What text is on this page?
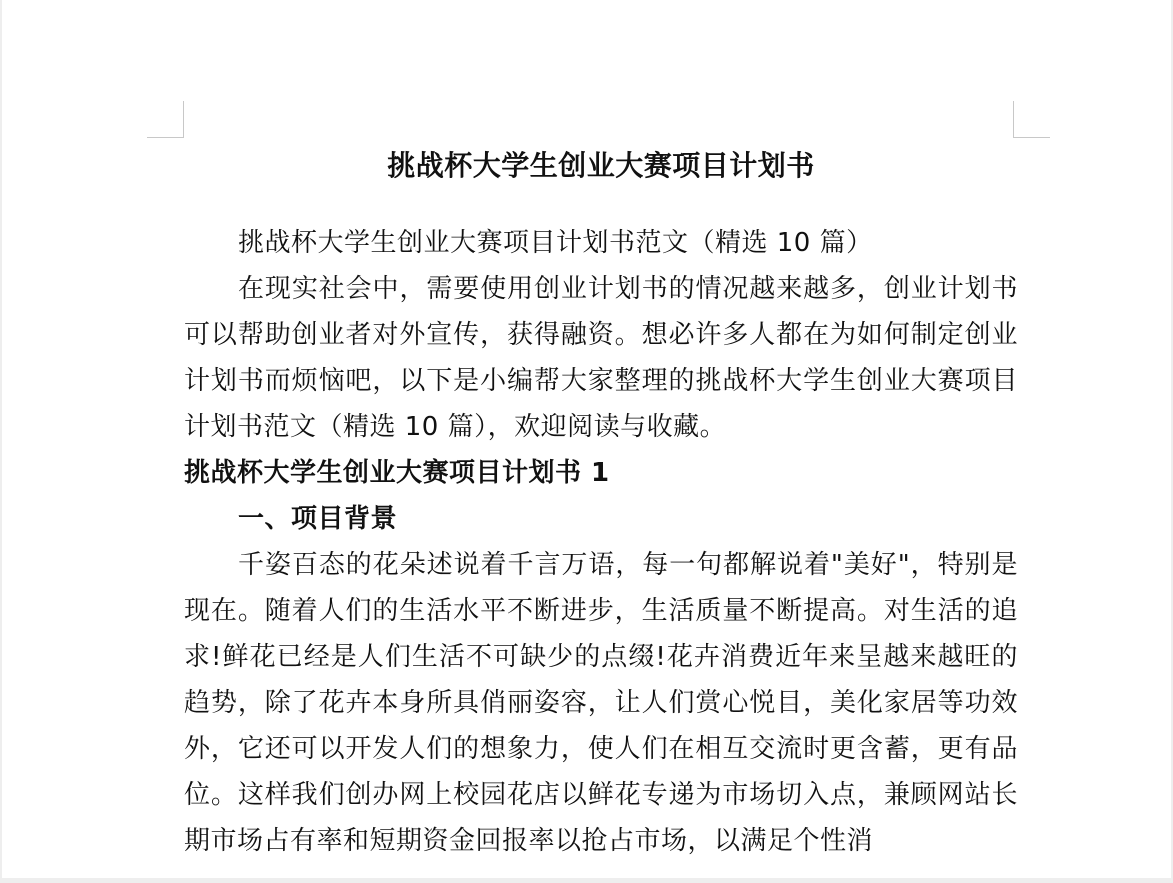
挑战杯大学生创业大赛项目计划书

挑战杯大学生创业大赛项目计划书范文（精选 10 篇）

在现实社会中，需要使用创业计划书的情况越来越多，创业计划书可以帮助创业者对外宣传，获得融资。想必许多人都在为如何制定创业计划书而烦恼吧，以下是小编帮大家整理的挑战杯大学生创业大赛项目计划书范文（精选 10 篇），欢迎阅读与收藏。

挑战杯大学生创业大赛项目计划书 1

一、项目背景

千姿百态的花朵述说着千言万语，每一句都解说着"美好"，特别是现在。随着人们的生活水平不断进步，生活质量不断提高。对生活的追求!鲜花已经是人们生活不可缺少的点缀!花卉消费近年来呈越来越旺的趋势，除了花卉本身所具俏丽姿容，让人们赏心悦目，美化家居等功效外，它还可以开发人们的想象力，使人们在相互交流时更含蓄，更有品位。这样我们创办网上校园花店以鲜花专递为市场切入点，兼顾网站长期市场占有率和短期资金回报率以抢占市场，以满足个性消
